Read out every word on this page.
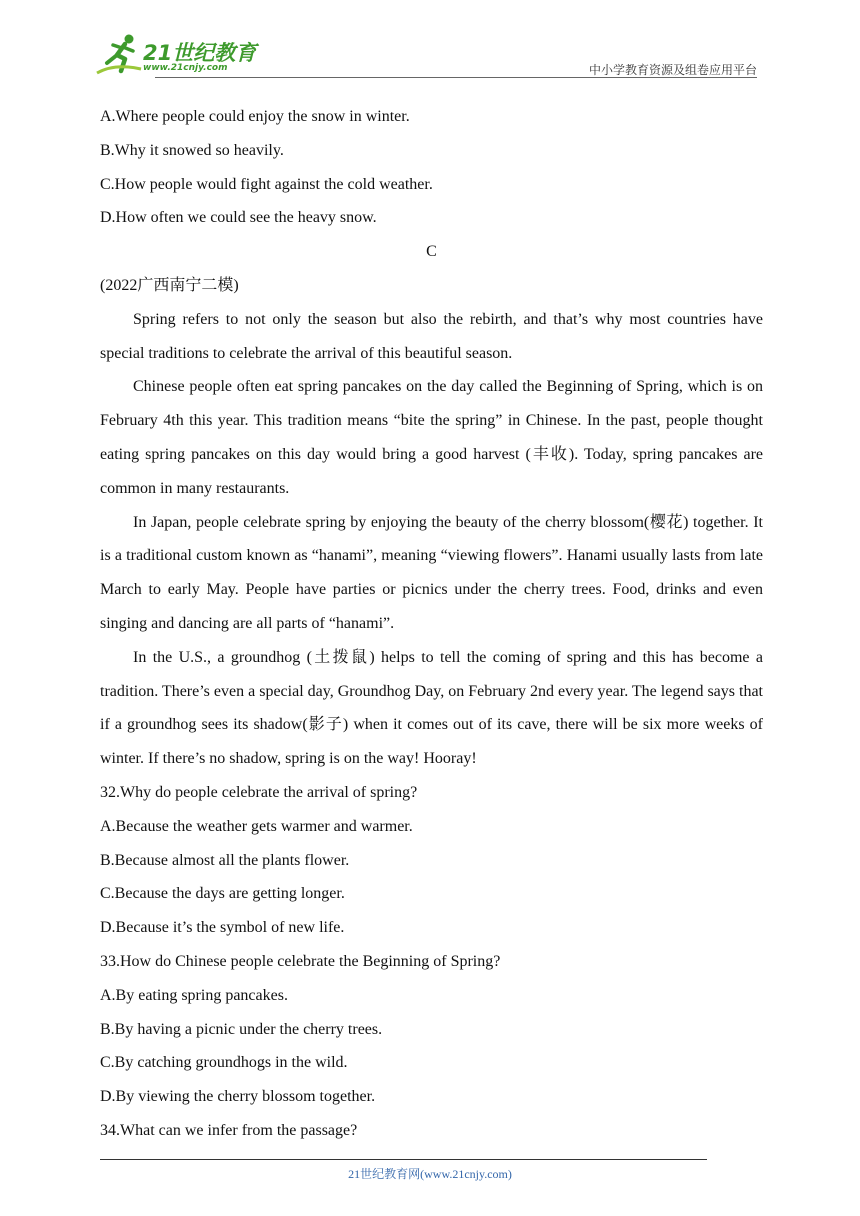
21世纪教育
www.21cnjy.com	中小学教育资源及组卷应用平台
A.Where people could enjoy the snow in winter.
B.Why it snowed so heavily.
C.How people would fight against the cold weather.
D.How often we could see the heavy snow.
C
(2022广西南宁二模)

Spring refers to not only the season but also the rebirth, and that’s why most countries have special traditions to celebrate the arrival of this beautiful season.

Chinese people often eat spring pancakes on the day called the Beginning of Spring, which is on February 4th this year. This tradition means “bite the spring” in Chinese. In the past, people thought eating spring pancakes on this day would bring a good harvest (丰收). Today, spring pancakes are common in many restaurants.

In Japan, people celebrate spring by enjoying the beauty of the cherry blossom(樱花) together. It is a traditional custom known as “hanami”, meaning “viewing flowers”. Hanami usually lasts from late March to early May. People have parties or picnics under the cherry trees. Food, drinks and even singing and dancing are all parts of “hanami”.

In the U.S., a groundhog (土拨鼠) helps to tell the coming of spring and this has become a tradition. There’s even a special day, Groundhog Day, on February 2nd every year. The legend says that if a groundhog sees its shadow(影子) when it comes out of its cave, there will be six more weeks of winter. If there’s no shadow, spring is on the way! Hooray!

32.Why do people celebrate the arrival of spring?
A.Because the weather gets warmer and warmer.
B.Because almost all the plants flower.
C.Because the days are getting longer.
D.Because it’s the symbol of new life.
33.How do Chinese people celebrate the Beginning of Spring?
A.By eating spring pancakes.
B.By having a picnic under the cherry trees.
C.By catching groundhogs in the wild.
D.By viewing the cherry blossom together.
34.What can we infer from the passage?
21世纪教育网(www.21cnjy.com)
